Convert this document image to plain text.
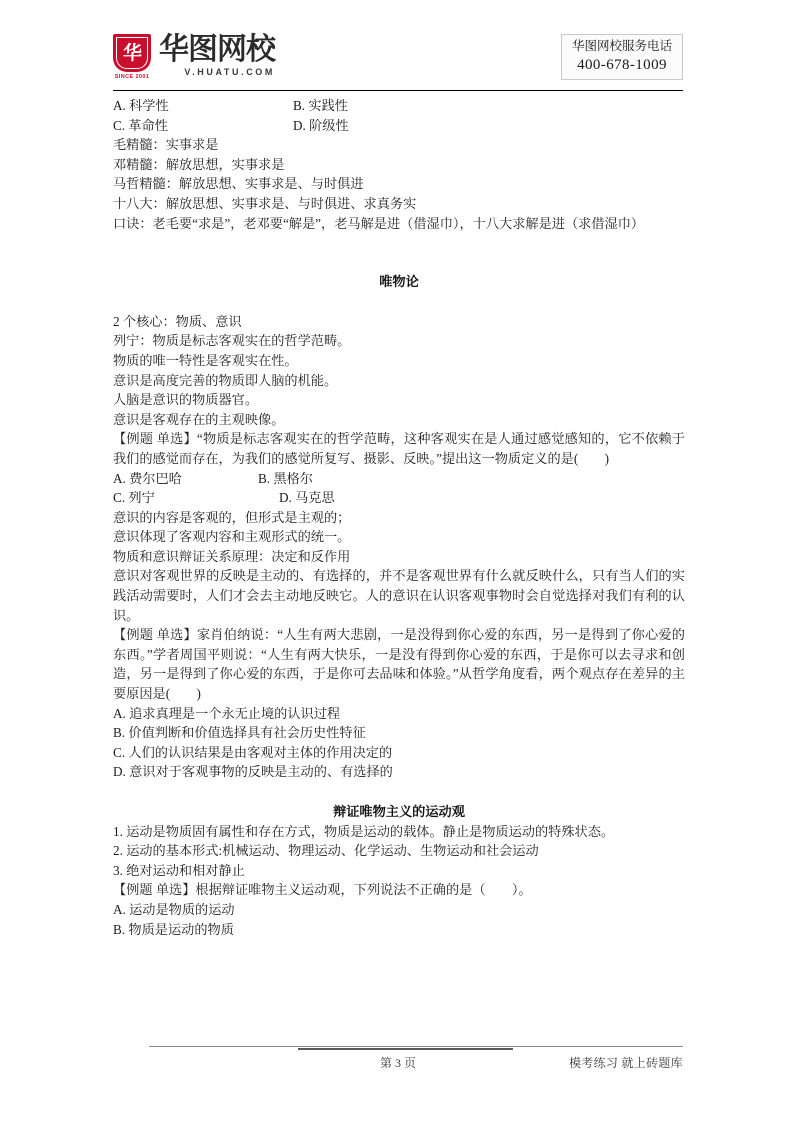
华
SINCE 2001
华图网校
V.HUATU.COM
华图网校服务电话
400-678-1009
A. 科学性	B. 实践性
C. 革命性	D. 阶级性
毛精髓：实事求是
邓精髓：解放思想，实事求是
马哲精髓：解放思想、实事求是、与时俱进
十八大：解放思想、实事求是、与时俱进、求真务实
口诀：老毛要“求是”，老邓要“解是”，老马解是进（借湿巾），十八大求解是进（求借湿巾）
唯物论
2 个核心：物质、意识
列宁：物质是标志客观实在的哲学范畴。
物质的唯一特性是客观实在性。
意识是高度完善的物质即人脑的机能。
人脑是意识的物质器官。
意识是客观存在的主观映像。
【例题 单选】“物质是标志客观实在的哲学范畴，这种客观实在是人通过感觉感知的，它不依赖于我们的感觉而存在，为我们的感觉所复写、摄影、反映。”提出这一物质定义的是(　　)
A. 费尔巴哈	B. 黑格尔
C. 列宁	D. 马克思
意识的内容是客观的，但形式是主观的；
意识体现了客观内容和主观形式的统一。
物质和意识辩证关系原理：决定和反作用
意识对客观世界的反映是主动的、有选择的，并不是客观世界有什么就反映什么，只有当人们的实践活动需要时，人们才会去主动地反映它。人的意识在认识客观事物时会自觉选择对我们有利的认识。
【例题 单选】家肖伯纳说：“人生有两大悲剧，一是没得到你心爱的东西，另一是得到了你心爱的东西。”学者周国平则说：“人生有两大快乐，一是没有得到你心爱的东西，于是你可以去寻求和创造，另一是得到了你心爱的东西，于是你可去品味和体验。”从哲学角度看，两个观点存在差异的主要原因是(　　)
A. 追求真理是一个永无止境的认识过程
B. 价值判断和价值选择具有社会历史性特征
C. 人们的认识结果是由客观对主体的作用决定的
D. 意识对于客观事物的反映是主动的、有选择的
辩证唯物主义的运动观
1. 运动是物质固有属性和存在方式，物质是运动的载体。静止是物质运动的特殊状态。
2. 运动的基本形式:机械运动、物理运动、化学运动、生物运动和社会运动
3. 绝对运动和相对静止
【例题 单选】根据辩证唯物主义运动观，下列说法不正确的是（　　）。
A. 运动是物质的运动
B. 物质是运动的物质
第 3 页	模考练习 就上砖题库
